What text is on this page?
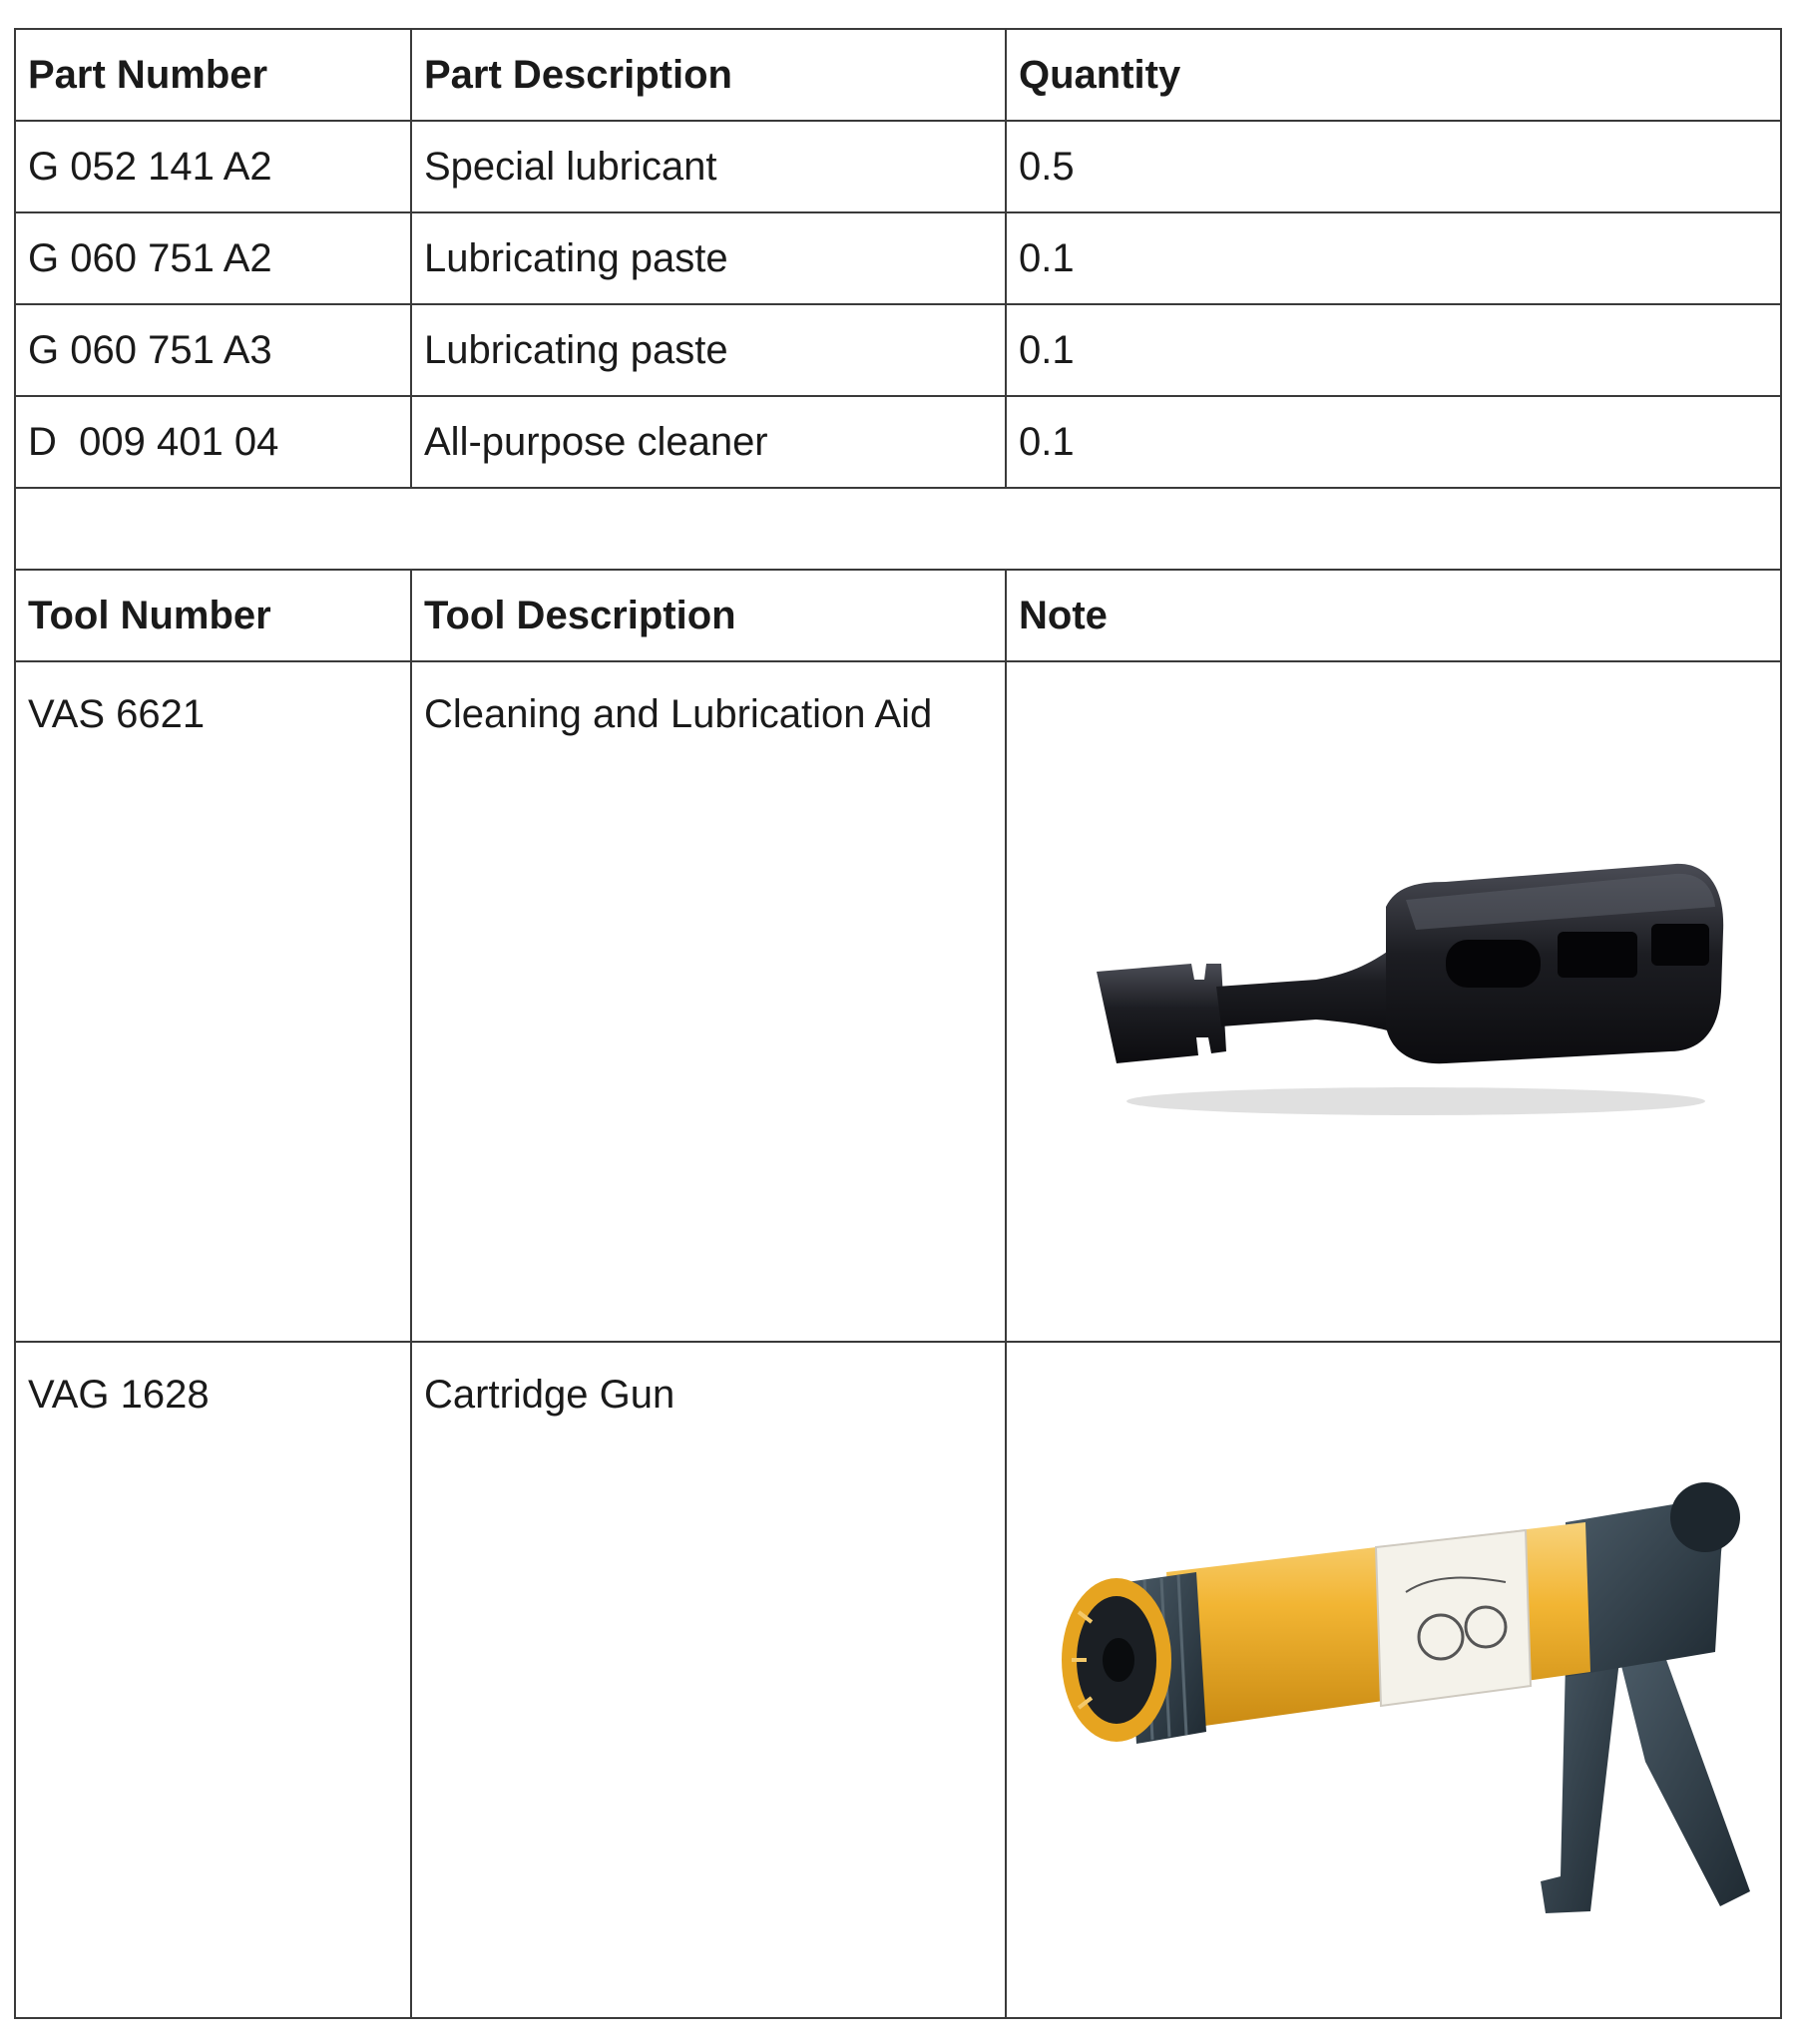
Part Number	Part Description	Quantity
G 052 141 A2	Special lubricant	0.5
G 060 751 A2	Lubricating paste	0.1
G 060 751 A3	Lubricating paste	0.1
D  009 401 04	All-purpose cleaner	0.1

Tool Number	Tool Description	Note
VAS 6621	Cleaning and Lubrication Aid	

VAG 1628	Cartridge Gun	
